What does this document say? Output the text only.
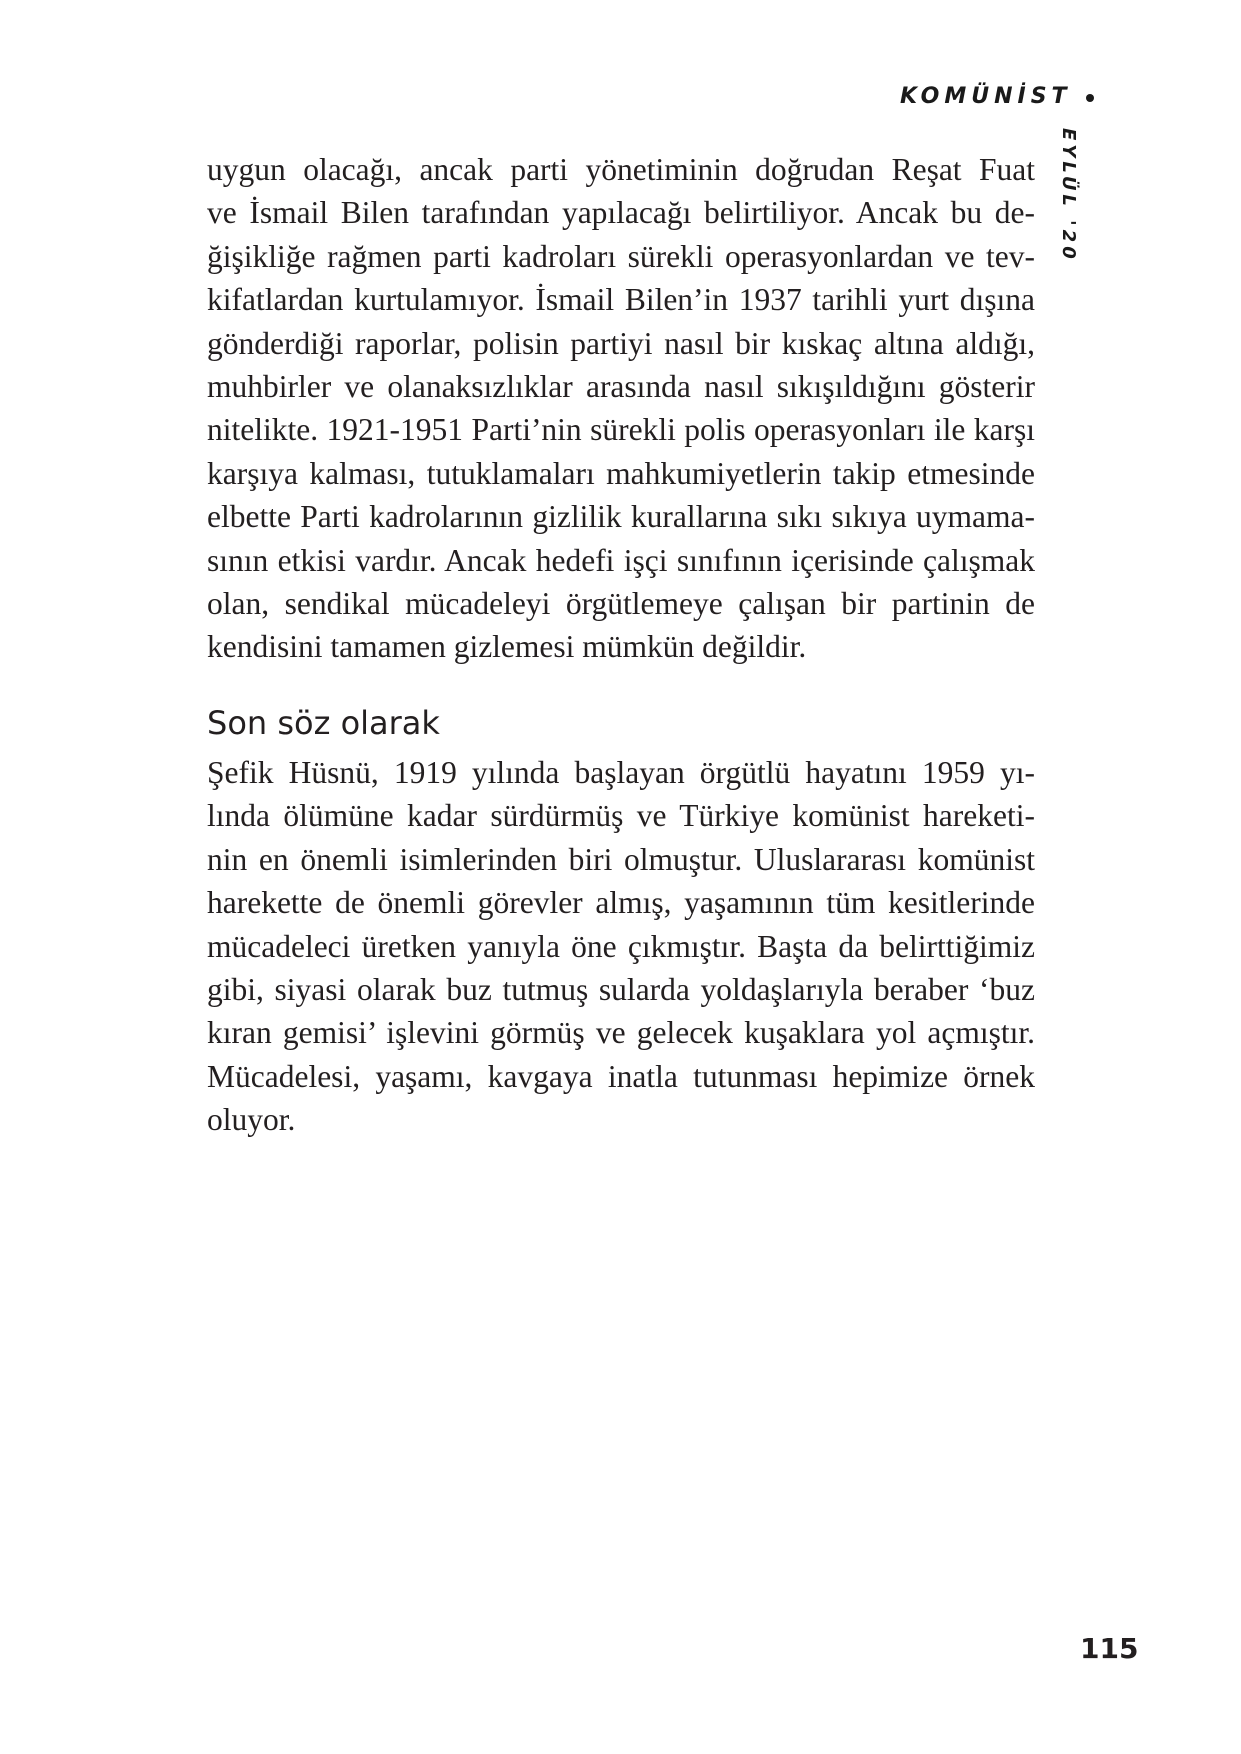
KOMÜNİST
EYLÜL '20

uygun olacağı, ancak parti yönetiminin doğrudan Reşat Fuat
ve İsmail Bilen tarafından yapılacağı belirtiliyor. Ancak bu de-
ğişikliğe rağmen parti kadroları sürekli operasyonlardan ve tev-
kifatlardan kurtulamıyor. İsmail Bilen’in 1937 tarihli yurt dışına
gönderdiği raporlar, polisin partiyi nasıl bir kıskaç altına aldığı,
muhbirler ve olanaksızlıklar arasında nasıl sıkışıldığını gösterir
nitelikte. 1921-1951 Parti’nin sürekli polis operasyonları ile karşı
karşıya kalması, tutuklamaları mahkumiyetlerin takip etmesinde
elbette Parti kadrolarının gizlilik kurallarına sıkı sıkıya uymama-
sının etkisi vardır. Ancak hedefi işçi sınıfının içerisinde çalışmak
olan, sendikal mücadeleyi örgütlemeye çalışan bir partinin de
kendisini tamamen gizlemesi mümkün değildir.

Son söz olarak

Şefik Hüsnü, 1919 yılında başlayan örgütlü hayatını 1959 yı-
lında ölümüne kadar sürdürmüş ve Türkiye komünist hareketi-
nin en önemli isimlerinden biri olmuştur. Uluslararası komünist
harekette de önemli görevler almış, yaşamının tüm kesitlerinde
mücadeleci üretken yanıyla öne çıkmıştır. Başta da belirttiğimiz
gibi, siyasi olarak buz tutmuş sularda yoldaşlarıyla beraber ‘buz
kıran gemisi’ işlevini görmüş ve gelecek kuşaklara yol açmıştır.
Mücadelesi, yaşamı, kavgaya inatla tutunması hepimize örnek
oluyor.

115
